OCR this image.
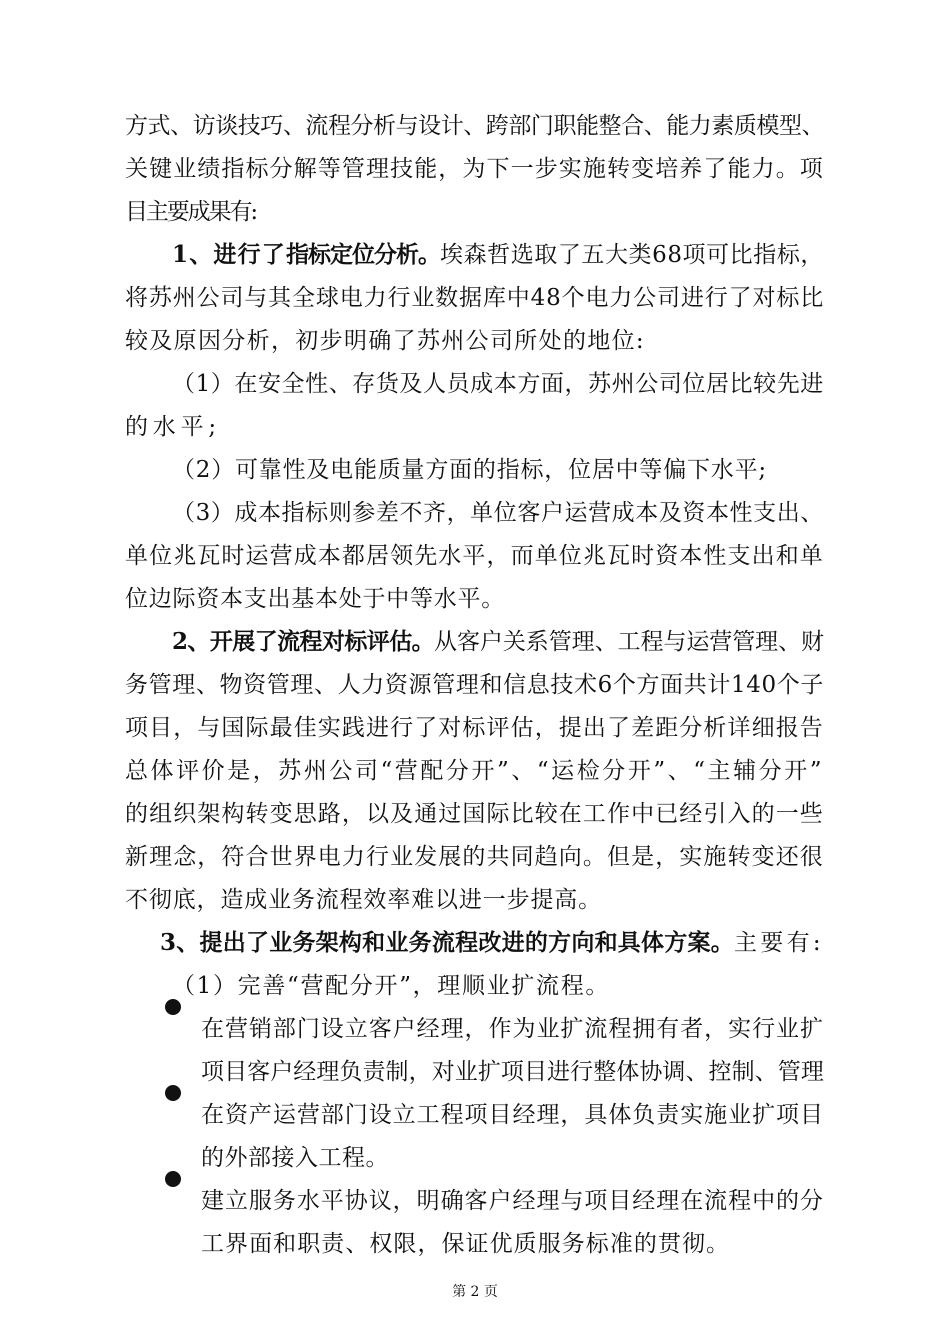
方式、访谈技巧、流程分析与设计、跨部门职能整合、能力素质模型、
关键业绩指标分解等管理技能，为下一步实施转变培养了能力。项
目主要成果有:
1、进行了 指标定位分析。 埃森哲选取了五大类68项可比指标，
将苏州公司与其全球电力行业数据库中48个电力公司进行了对标比
较及原因分析，初步明确了苏州公司所处的地位:
（1）在安全性、存货及人员成本方面，苏州公司位居比较先进
的水平;
（2）可靠性及电能质量方面的指标，位居中等偏下水平;
（3）成本指标则参差不齐，单位客户运营成本及资本性支出、
单位兆瓦时运营成本都居领先水平，而单位兆瓦时资本性支出和单
位边际资本支出基本处于中等水平。
2、开展了流程对标评估。 从客户关系管理、工程与运营管理、财
务管理、物资管理、人力资源管理和信息技术6个方面共计140个子
项目，与国际最佳实践进行了对标评估，提出了差距分析详细报告
总体评价是，苏州公司“营配分开”、“运检分开”、“主辅分开”
的组织架构转变思路，以及通过国际比较在工作中已经引入的一些
新理念，符合世界电力行业发展的共同趋向。但是，实施转变还很
不彻底，造成业务流程效率难以进一步提高。
3、提出了业务架构和业务流程改进的方向和具体方案。 主要有:
（1）完善“营配分开”，理顺业扩流程。
在营销部门设立客户经理，作为业扩流程拥有者，实行业扩
项目客户经理负责制，对业扩项目进行整体协调、控制、管理
在资产运营部门设立工程项目经理，具体负责实施业扩项目
的外部接入工程。
建立服务水平协议，明确客户经理与项目经理在流程中的分
工界面和职责、权限，保证优质服务标准的贯彻。
第 2 页
